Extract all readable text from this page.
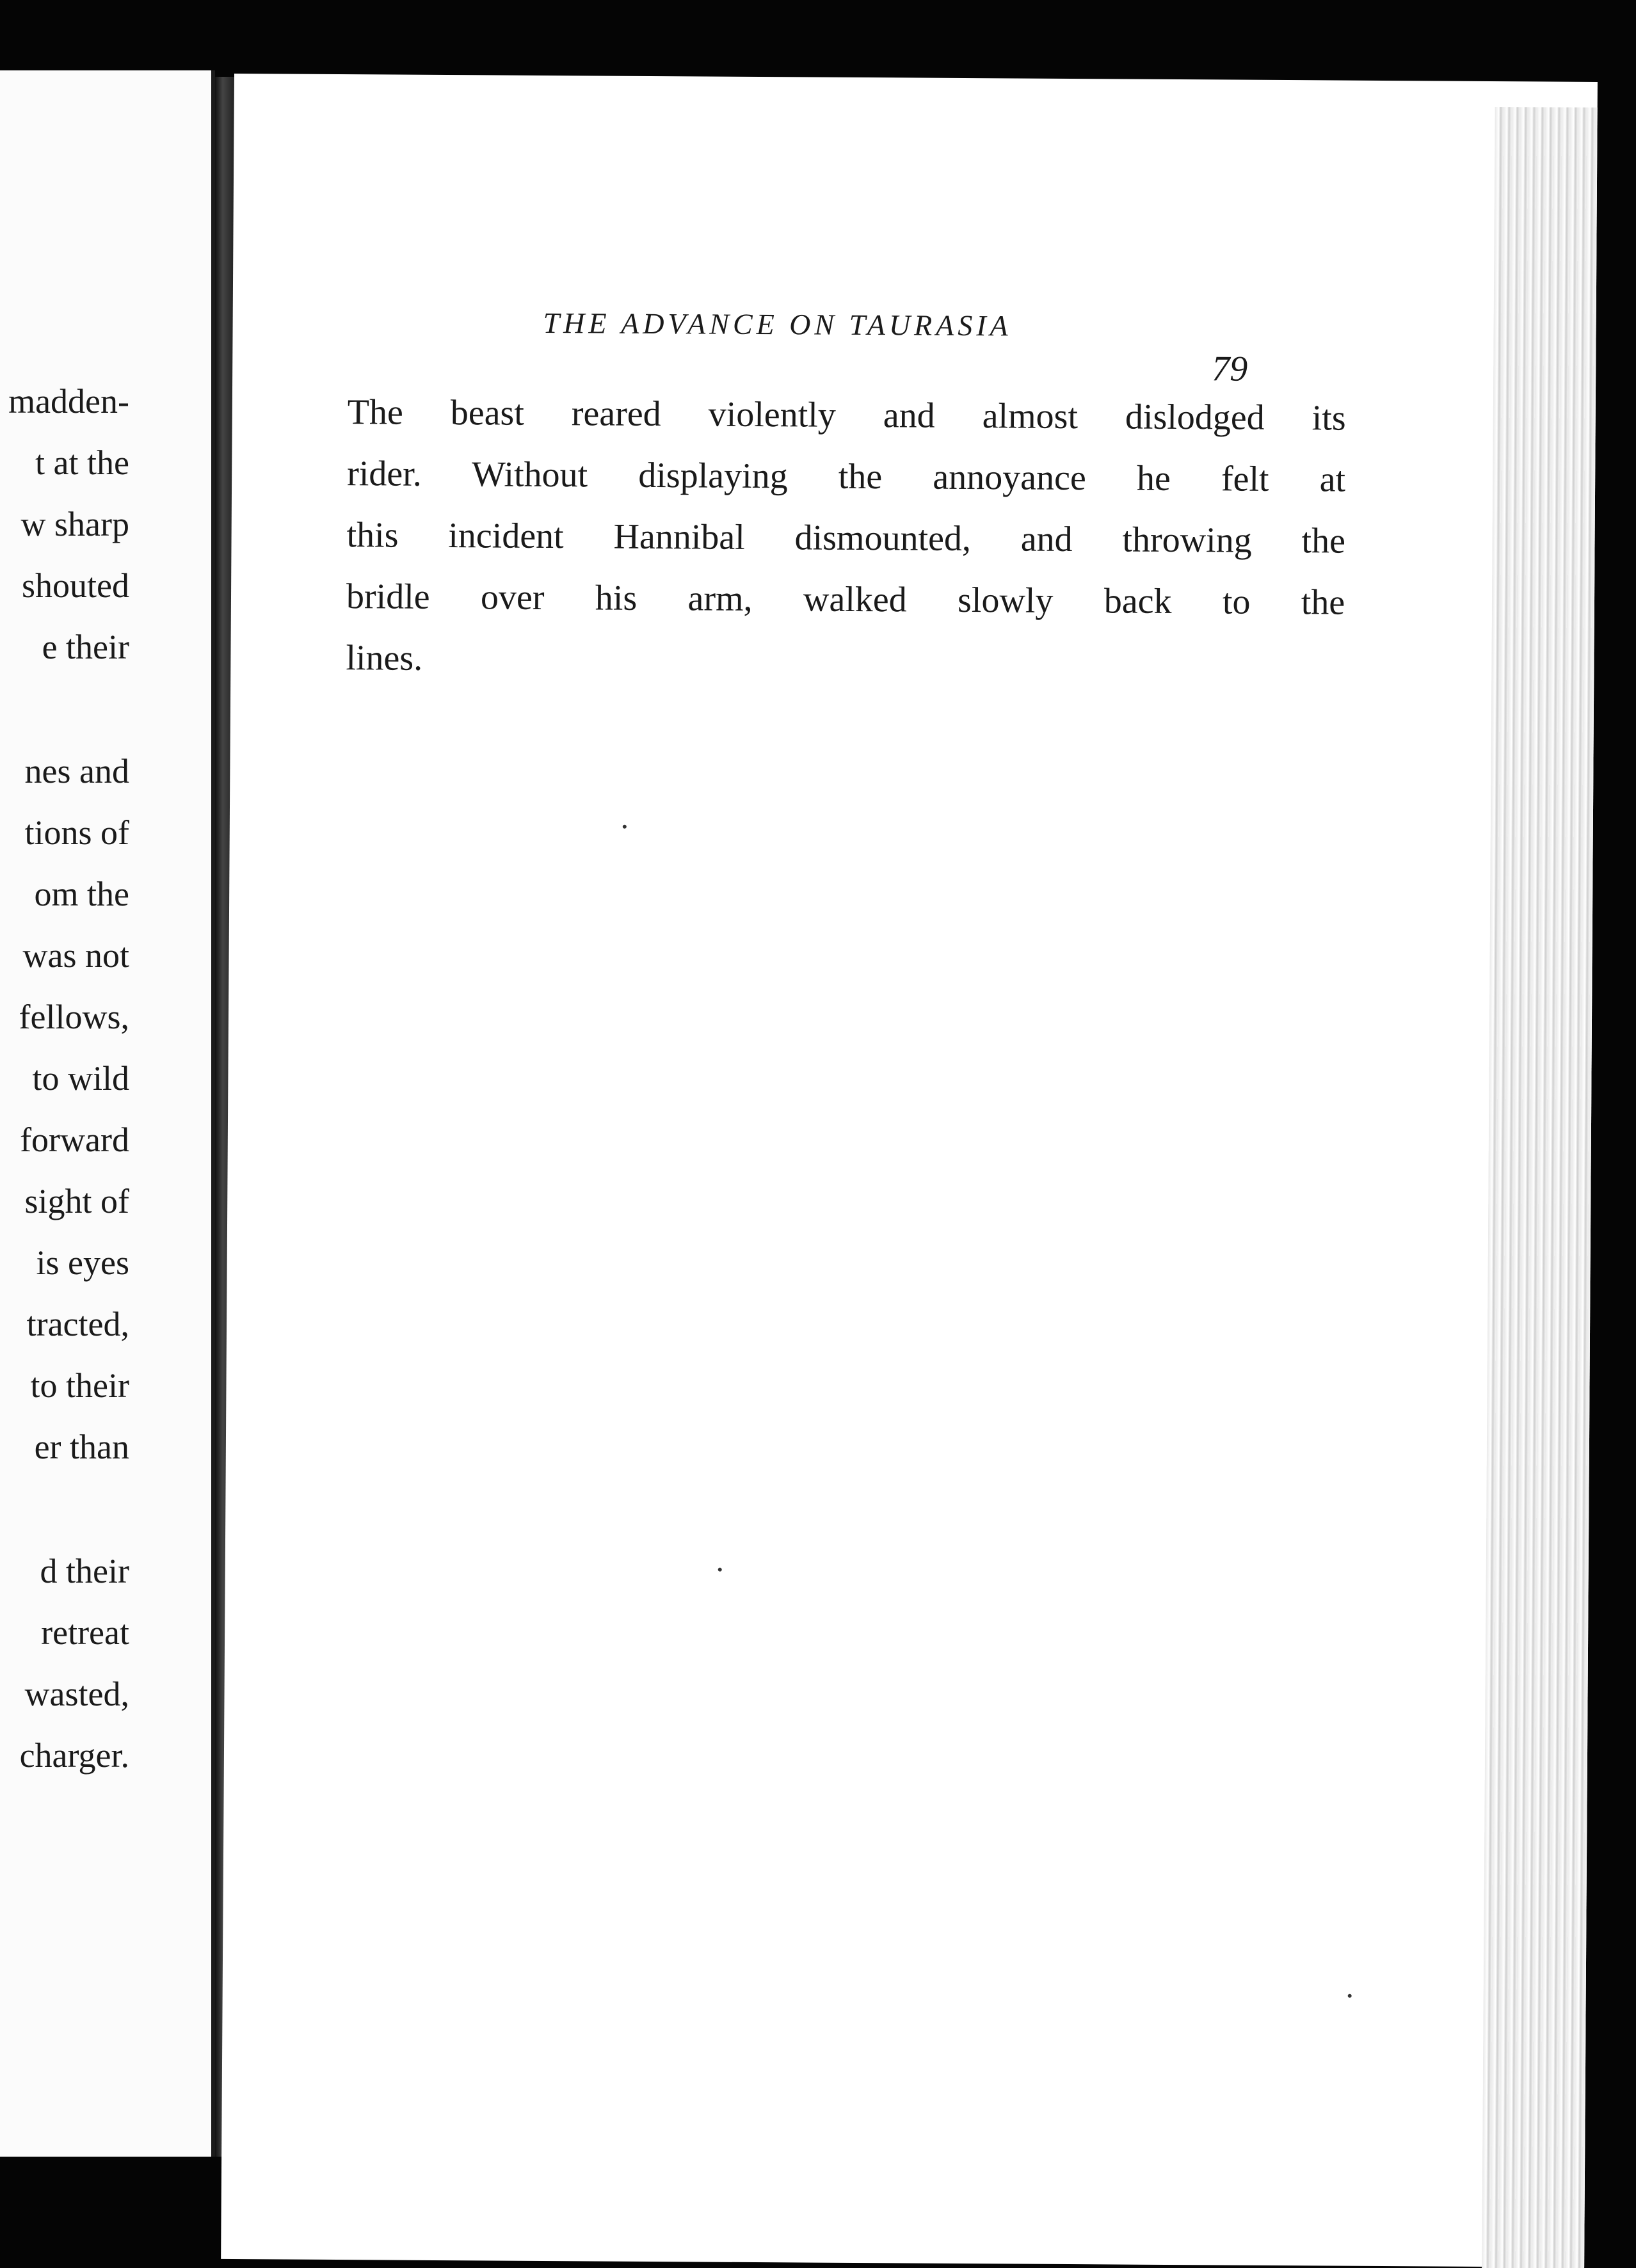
madden-
t at the
w sharp
shouted
e their
nes and
tions of
om the
was not
fellows,
to wild
forward
sight of
is eyes
tracted,
to their
er than
d their
retreat
wasted,
charger.
THE ADVANCE ON TAURASIA
79
The beast reared violently and almost dislodged its
rider. Without displaying the annoyance he felt at
this incident Hannibal dismounted, and throwing the
bridle over his arm, walked slowly back to the
lines.
